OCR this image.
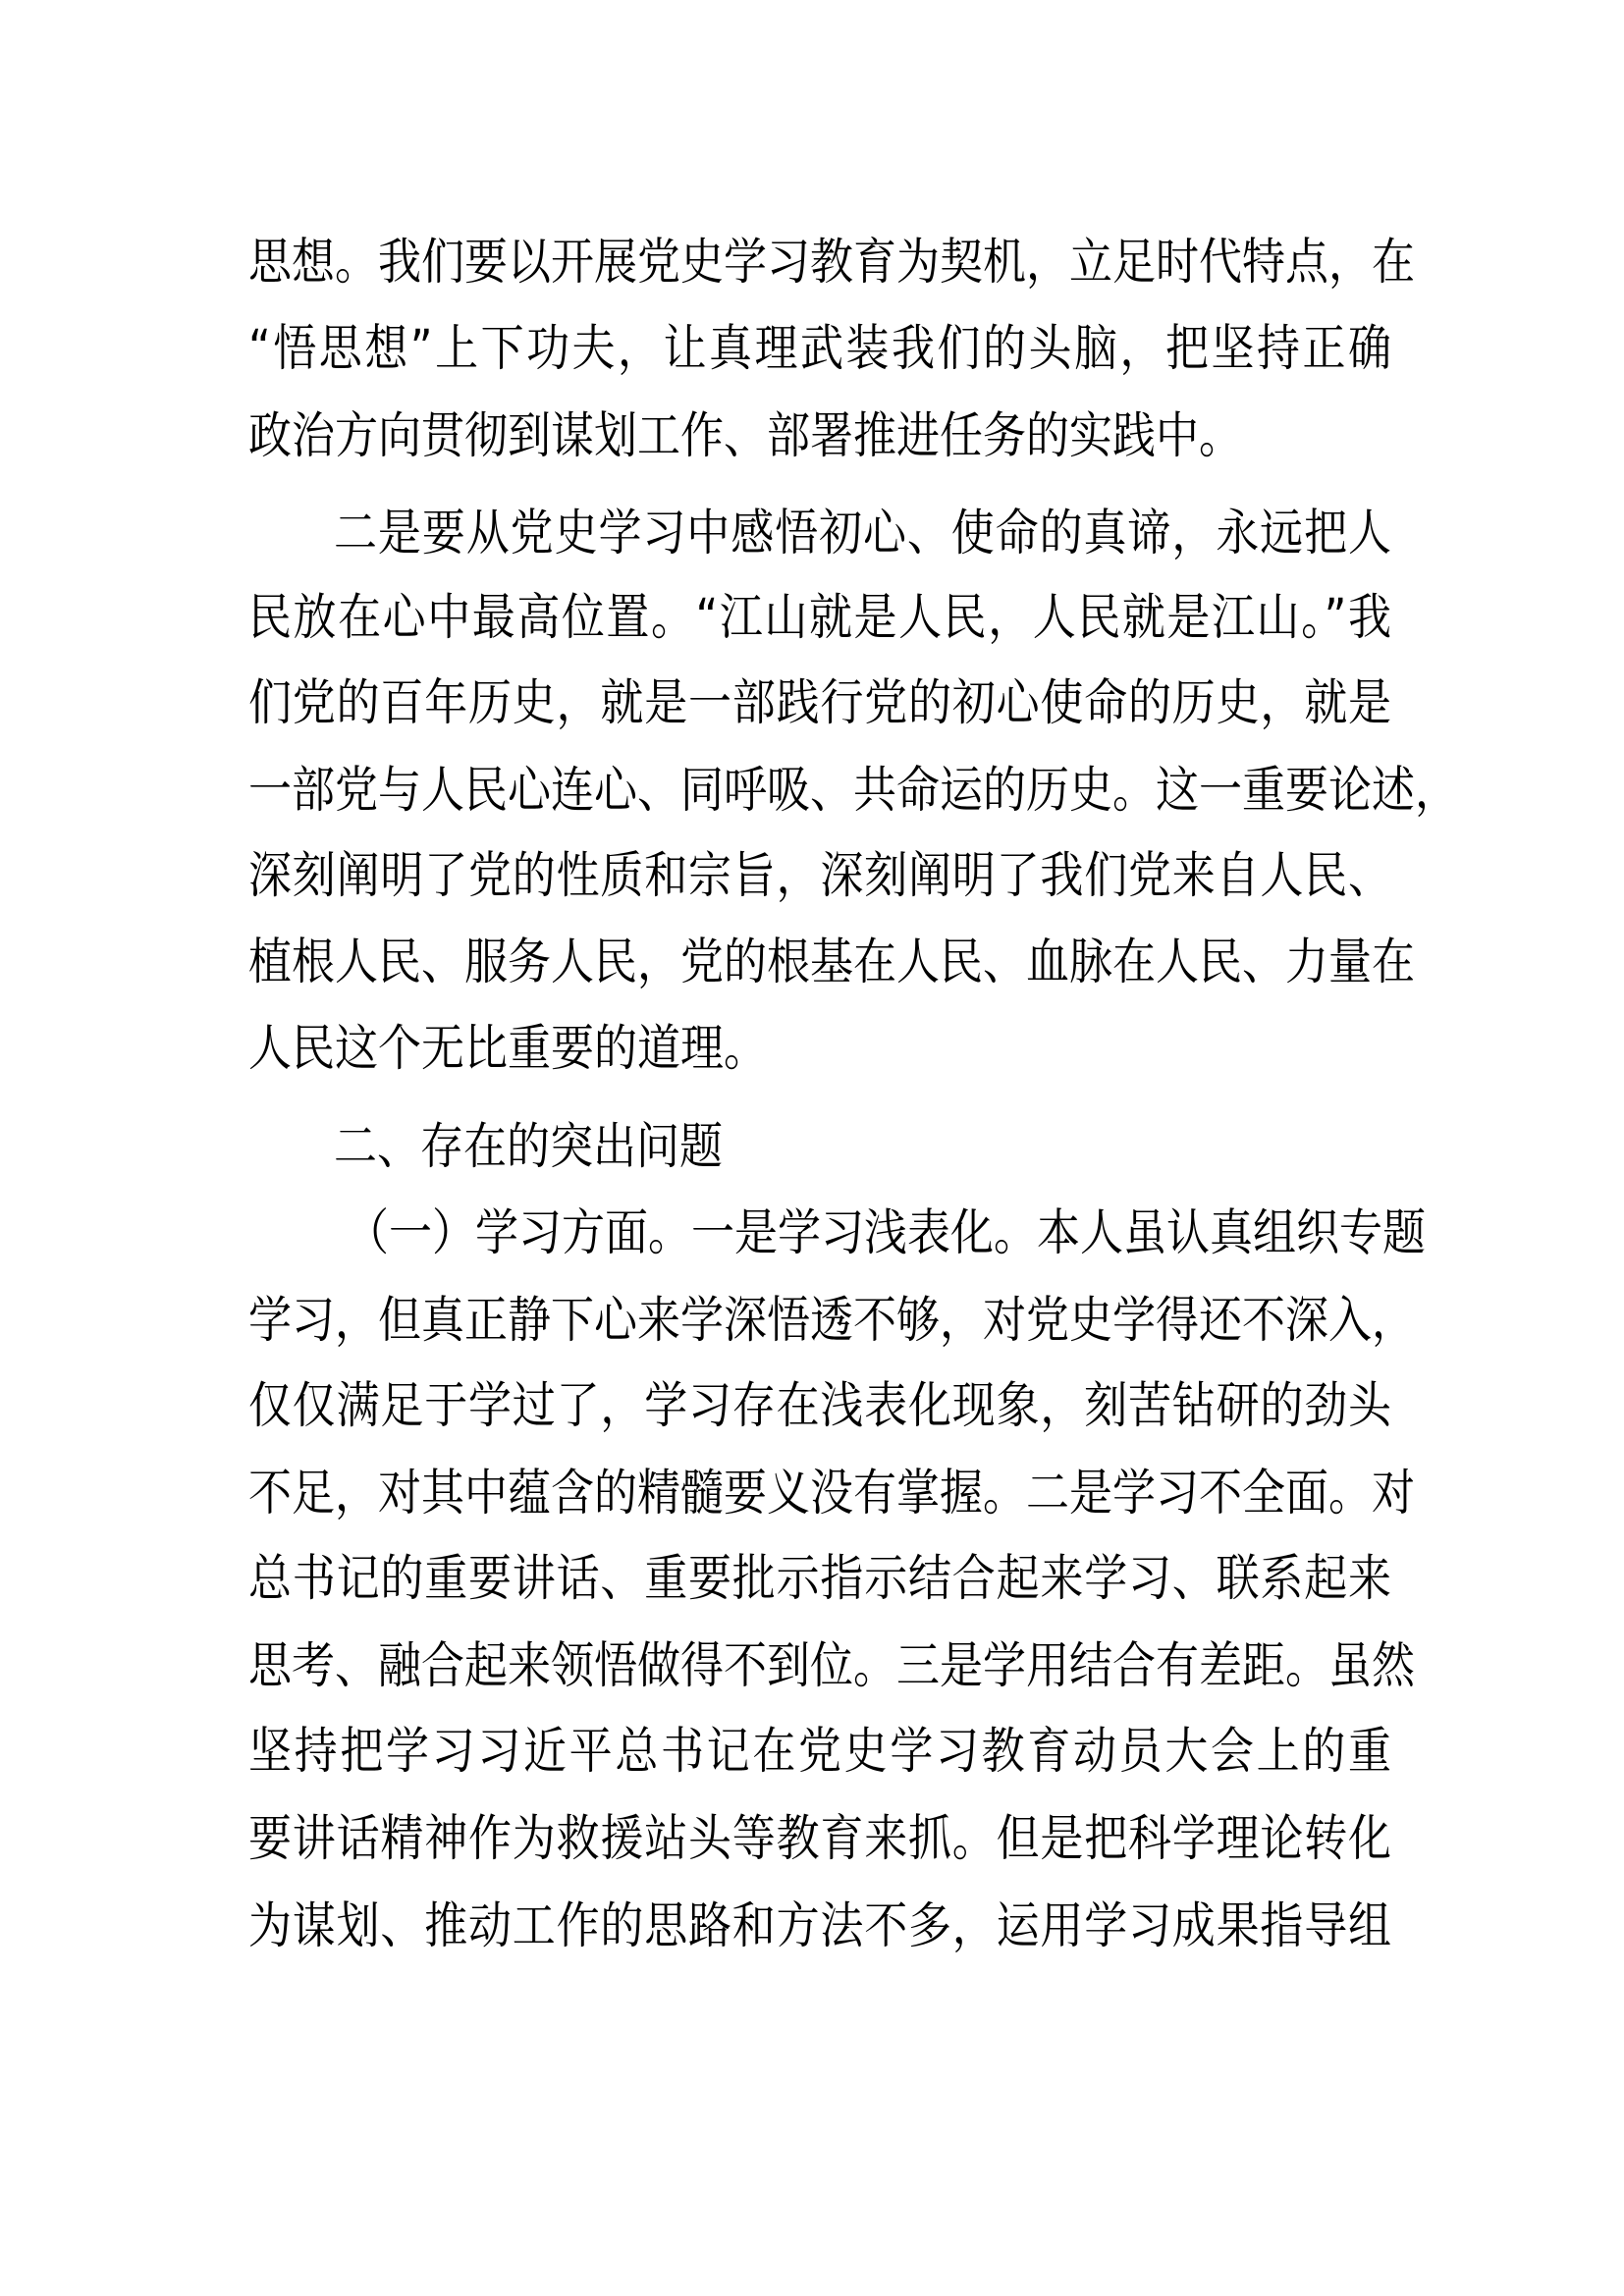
思想。我们要以开展党史学习教育为契机，立足时代特点，在
“悟思想”上下功夫，让真理武装我们的头脑，把坚持正确
政治方向贯彻到谋划工作、部署推进任务的实践中。
二是要从党史学习中感悟初心、使命的真谛，永远把人
民放在心中最高位置。“江山就是人民，人民就是江山。”我
们党的百年历史，就是一部践行党的初心使命的历史，就是
一部党与人民心连心、同呼吸、共命运的历史。这一重要论述，
深刻阐明了党的性质和宗旨，深刻阐明了我们党来自人民、
植根人民、服务人民，党的根基在人民、血脉在人民、力量在
人民这个无比重要的道理。
二、存在的突出问题
（一）学习方面。一是学习浅表化。本人虽认真组织专题
学习，但真正静下心来学深悟透不够，对党史学得还不深入，
仅仅满足于学过了，学习存在浅表化现象，刻苦钻研的劲头
不足，对其中蕴含的精髓要义没有掌握。二是学习不全面。对
总书记的重要讲话、重要批示指示结合起来学习、联系起来
思考、融合起来领悟做得不到位。三是学用结合有差距。虽然
坚持把学习习近平总书记在党史学习教育动员大会上的重
要讲话精神作为救援站头等教育来抓。但是把科学理论转化
为谋划、推动工作的思路和方法不多，运用学习成果指导组
